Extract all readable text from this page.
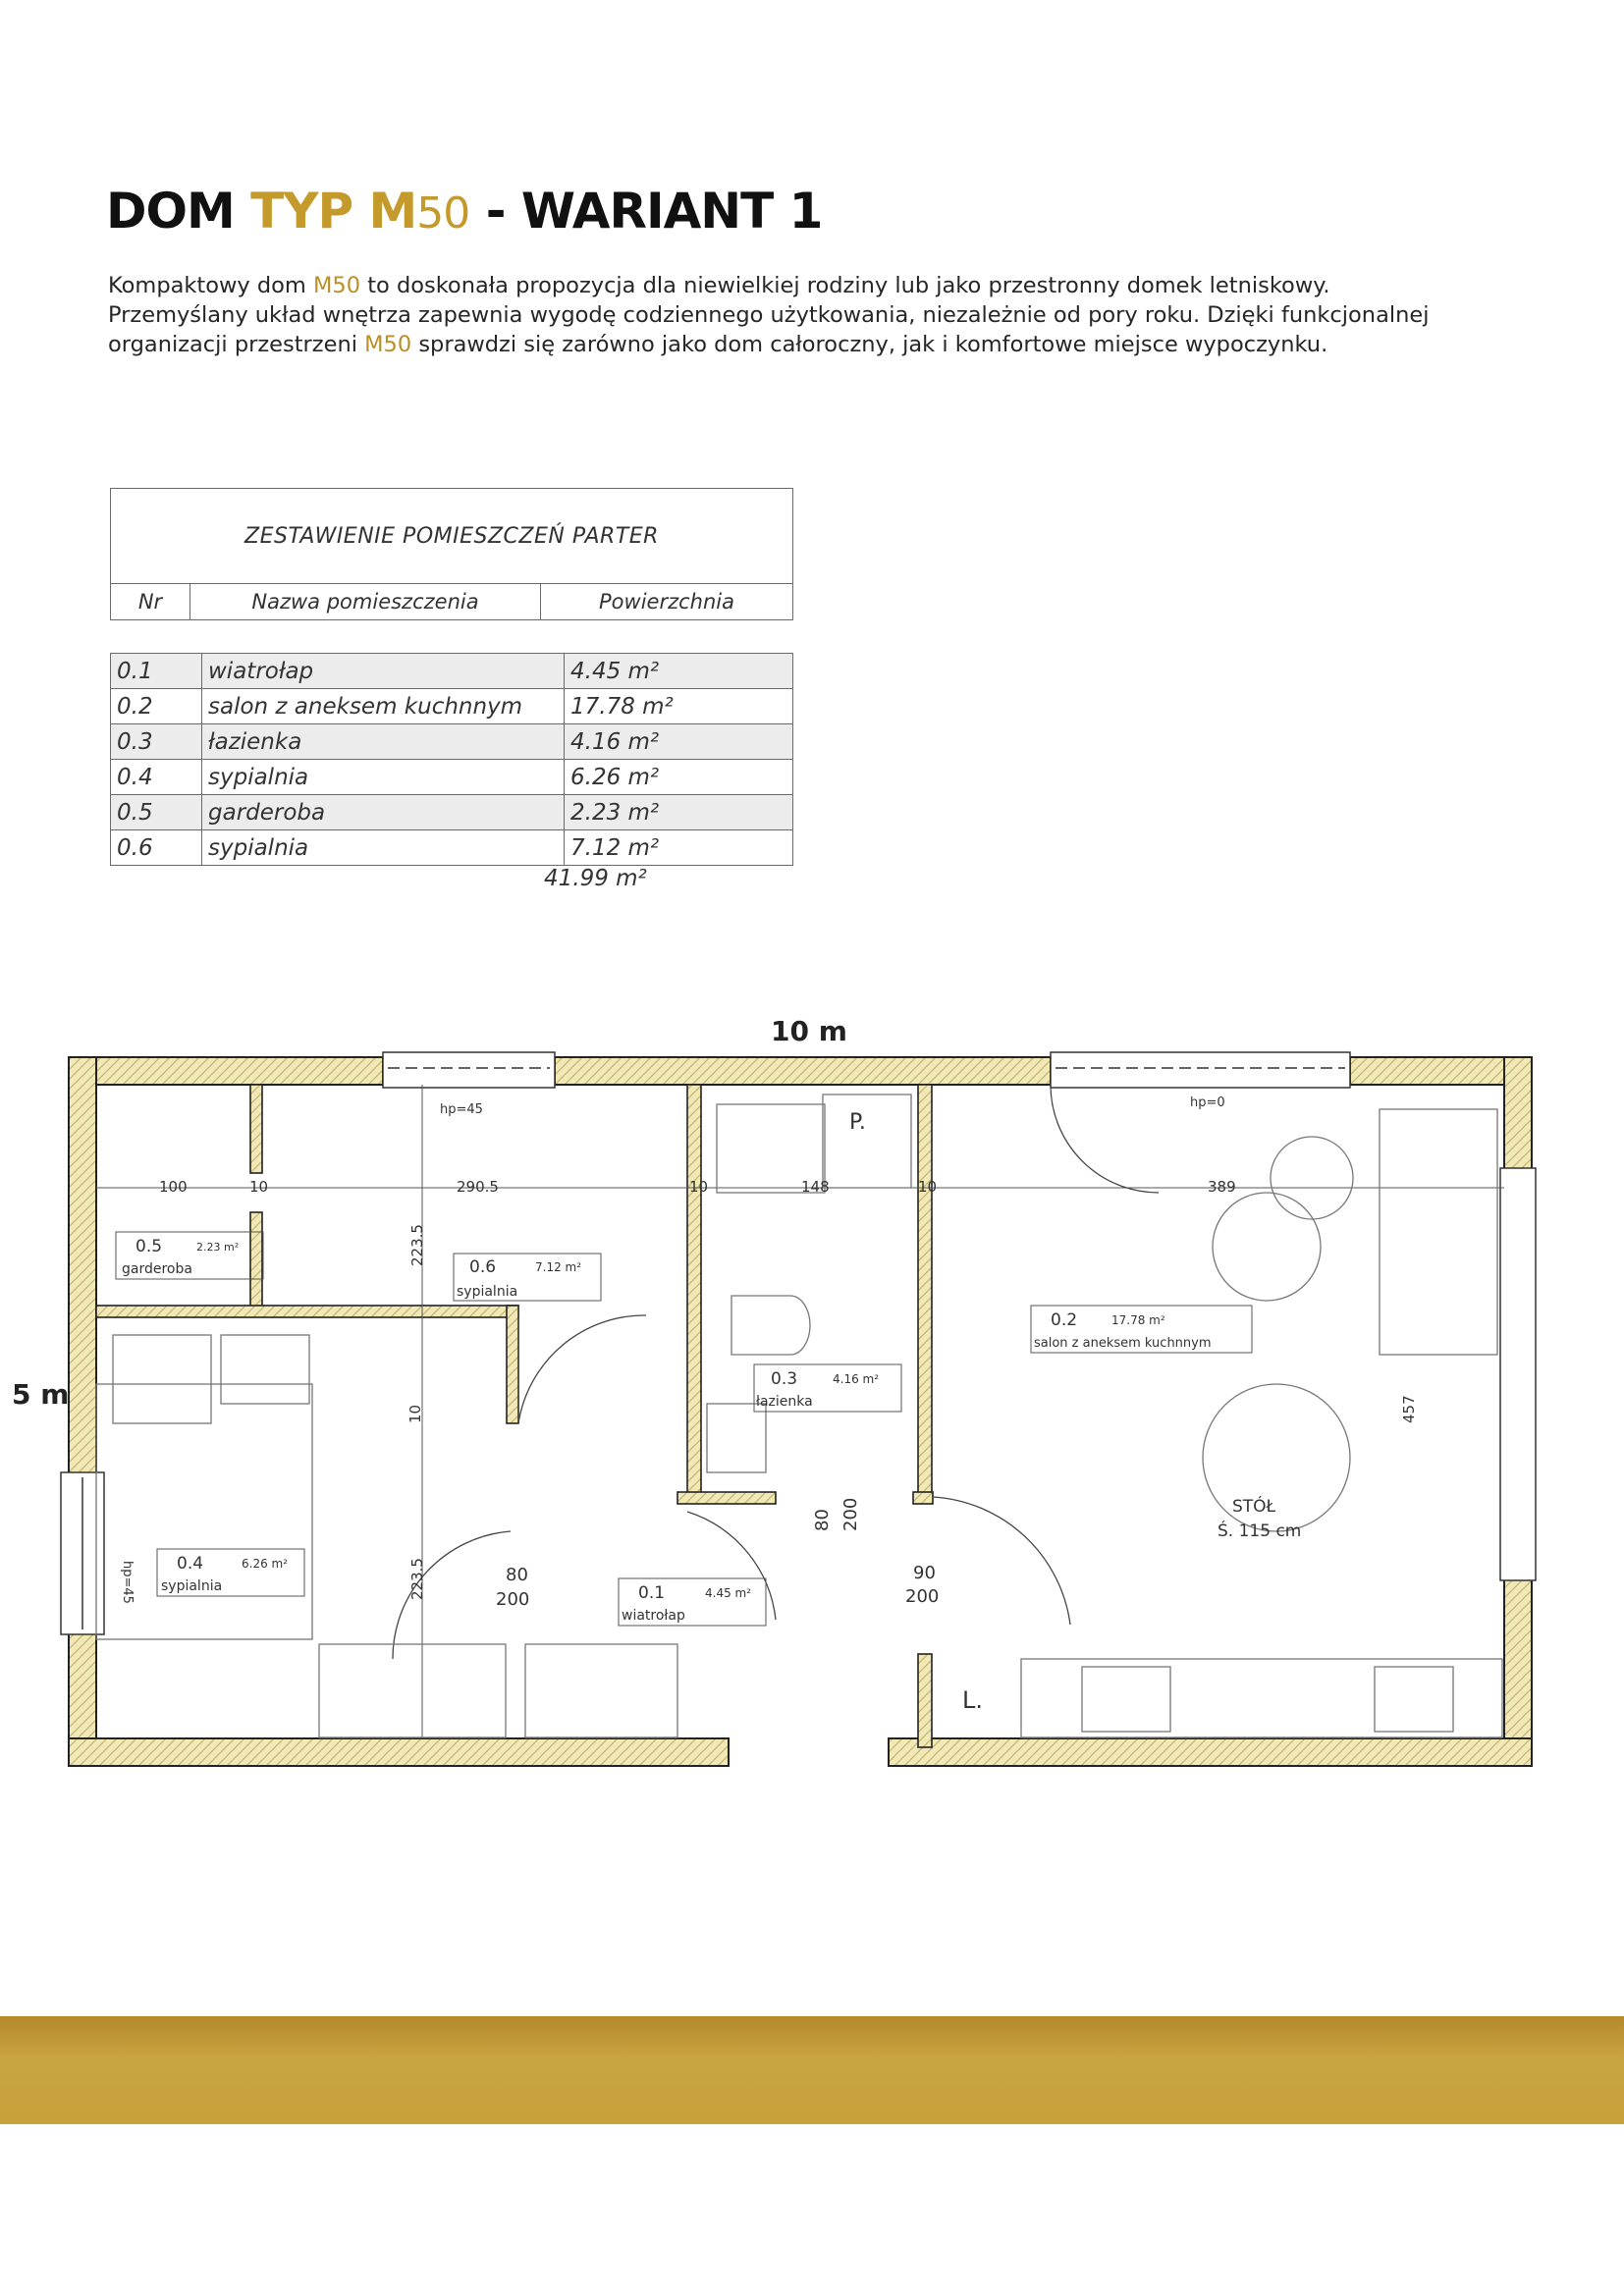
DOM TYP M50 - WARIANT 1

Kompaktowy dom M50 to doskonała propozycja dla niewielkiej rodziny lub jako przestronny domek letniskowy.

Przemyślany układ wnętrza zapewnia wygodę codziennego użytkowania, niezależnie od pory roku. Dzięki funkcjonalnej

organizacji przestrzeni M50 sprawdzi się zarówno jako dom całoroczny, jak i komfortowe miejsce wypoczynku.

ZESTAWIENIE POMIESZCZEŃ PARTER
Nr	Nazwa pomieszczenia	Powierzchnia
0.1	wiatrołap	4.45 m²
0.2	salon z aneksem kuchnnym	17.78 m²
0.3	łazienka	4.16 m²
0.4	sypialnia	6.26 m²
0.5	garderoba	2.23 m²
0.6	sypialnia	7.12 m²
41.99 m²
10 m
5 m
100	10	290.5	10	148	10	389
223.5
223.5
10	457
hp=45	hp=0
hp=45	80
200
80 200
90
200
0.5	2.23 m²
garderoba	0.6	7.12 m²
sypialnia
0.3	4.16 m²
łazienka
0.2	17.78 m²
salon z aneksem kuchnnym
0.4	6.26 m²
sypialnia	0.1	4.45 m²
wiatrołap
STÓŁ
Ś. 115 cm
P.
L.
